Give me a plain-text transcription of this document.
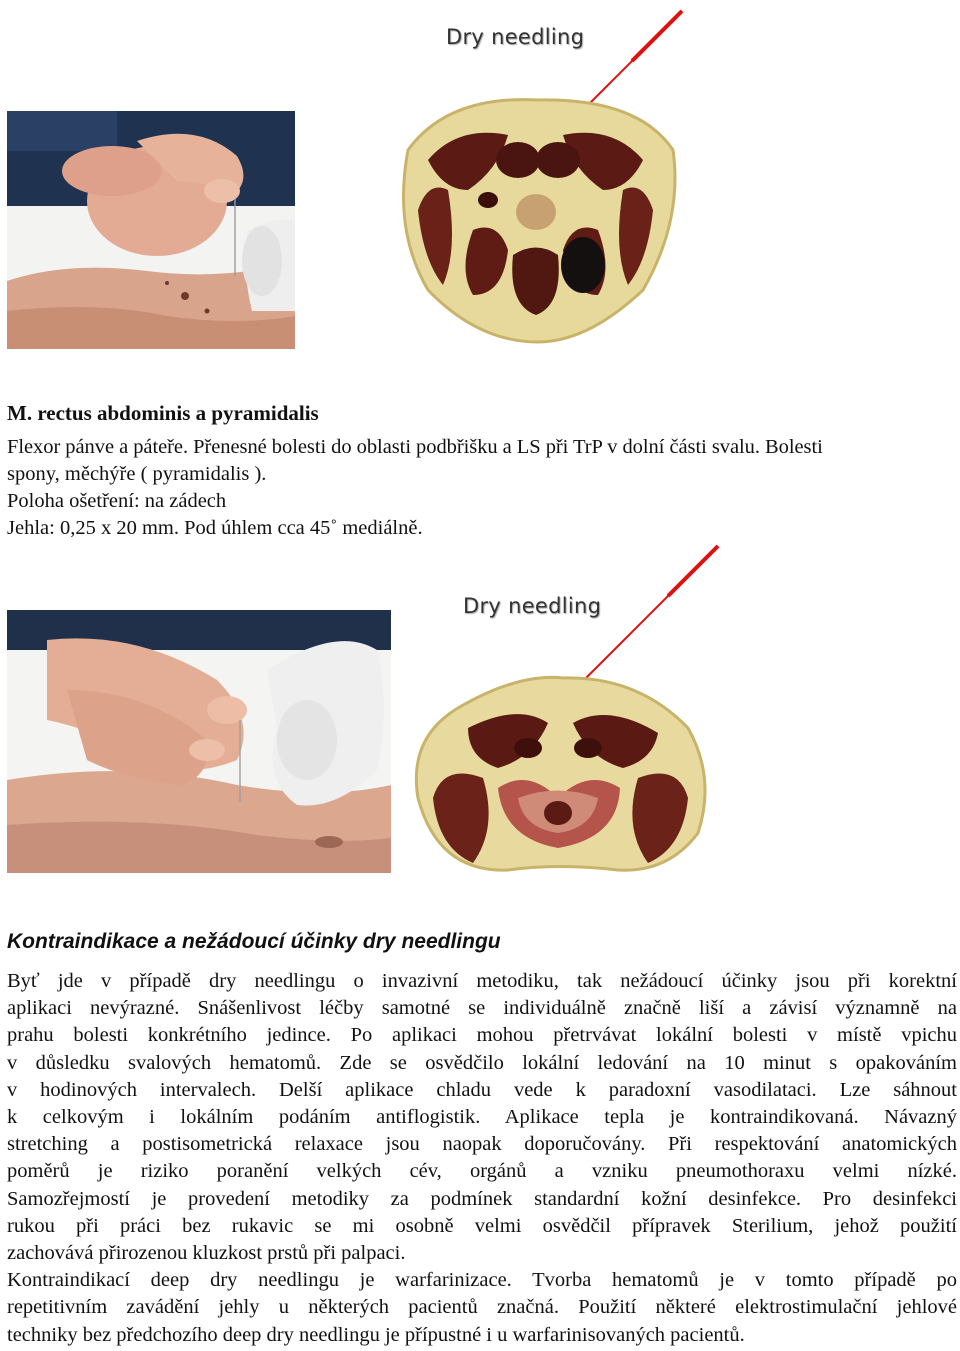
Dry needling
M. rectus abdominis a pyramidalis
Flexor pánve a páteře. Přenesné bolesti do oblasti podbřišku a LS při TrP v dolní části svalu. Bolesti
spony, měchýře ( pyramidalis ).
Poloha ošetření: na zádech
Jehla: 0,25 x 20 mm. Pod úhlem cca 45˚ mediálně.
Dry needling
Kontraindikace a nežádoucí účinky dry needlingu
Byť jde v případě dry needlingu o invazivní metodiku, tak nežádoucí účinky jsou při korektní
aplikaci nevýrazné. Snášenlivost léčby samotné se individuálně značně liší a závisí významně na
prahu bolesti konkrétního jedince. Po aplikaci mohou přetrvávat lokální bolesti v místě vpichu
v důsledku svalových hematomů. Zde se osvědčilo lokální ledování na 10 minut s opakováním
v hodinových intervalech. Delší aplikace chladu vede k paradoxní vasodilataci. Lze sáhnout
k celkovým i lokálním podáním antiflogistik. Aplikace tepla je kontraindikovaná. Návazný
stretching a postisometrická relaxace jsou naopak doporučovány. Při respektování anatomických
poměrů je riziko poranění velkých cév, orgánů a vzniku pneumothoraxu velmi nízké.
Samozřejmostí je provedení metodiky za podmínek standardní kožní desinfekce. Pro desinfekci
rukou při práci bez rukavic se mi osobně velmi osvědčil přípravek Sterilium, jehož použití
zachovává přirozenou kluzkost prstů při palpaci.
Kontraindikací deep dry needlingu je warfarinizace. Tvorba hematomů je v tomto případě po
repetitivním zavádění jehly u některých pacientů značná. Použití některé elektrostimulační jehlové
techniky bez předchozího deep dry needlingu je přípustné i u warfarinisovaných pacientů.
